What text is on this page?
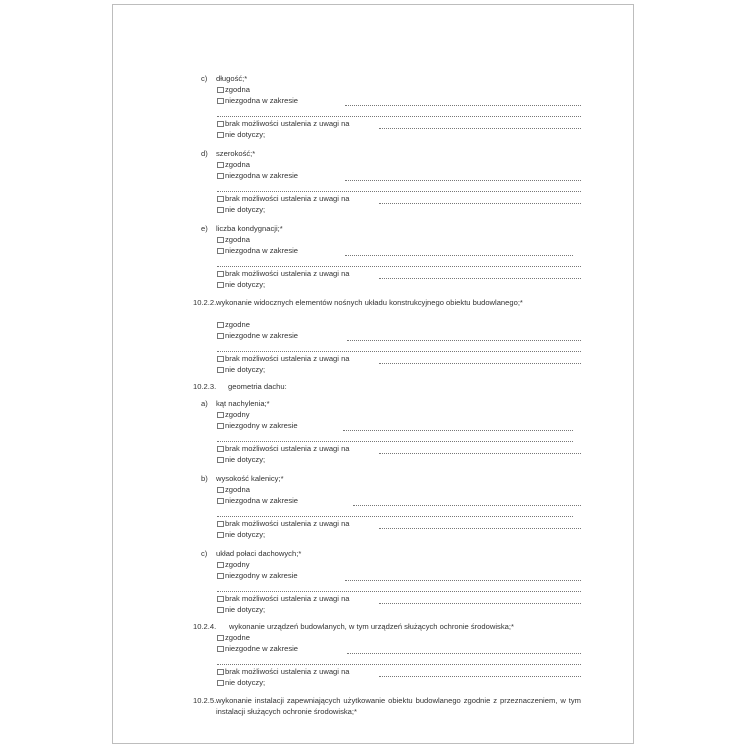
c) długość;*
zgodna
niezgodna w zakresie
brak możliwości ustalenia z uwagi na
nie dotyczy;
d) szerokość;*
zgodna
niezgodna w zakresie
brak możliwości ustalenia z uwagi na
nie dotyczy;
e) liczba kondygnacji;*
zgodna
niezgodna w zakresie
brak możliwości ustalenia z uwagi na
nie dotyczy;
10.2.2. wykonanie widocznych elementów nośnych układu konstrukcyjnego obiektu budowlanego;*
zgodne
niezgodne w zakresie
brak możliwości ustalenia z uwagi na
nie dotyczy;
10.2.3. geometria dachu:
a) kąt nachylenia;*
zgodny
niezgodny w zakresie
brak możliwości ustalenia z uwagi na
nie dotyczy;
b) wysokość kalenicy;*
zgodna
niezgodna w zakresie
brak możliwości ustalenia z uwagi na
nie dotyczy;
c) układ połaci dachowych;*
zgodny
niezgodny w zakresie
brak możliwości ustalenia z uwagi na
nie dotyczy;
10.2.4. wykonanie urządzeń budowlanych, w tym urządzeń służących ochronie środowiska;*
zgodne
niezgodne w zakresie
brak możliwości ustalenia z uwagi na
nie dotyczy;
10.2.5. wykonanie instalacji zapewniających użytkowanie obiektu budowlanego zgodnie z przeznaczeniem, w tym instalacji służących ochronie środowiska;*
